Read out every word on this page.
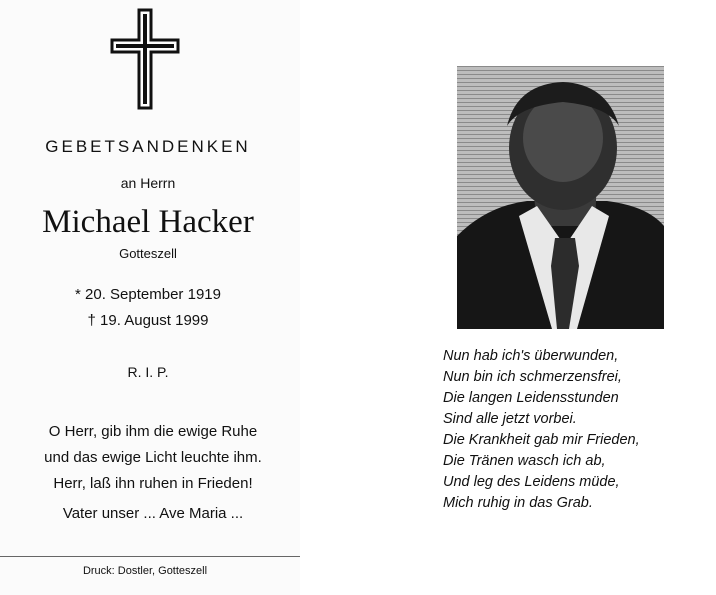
GEBETSANDENKEN
an Herrn
Michael Hacker
Gotteszell
* 20. September 1919
† 19. August 1999
R. I. P.
O Herr, gib ihm die ewige Ruhe
und das ewige Licht leuchte ihm.
Herr, laß ihn ruhen in Frieden!
Vater unser ... Ave Maria ...
Druck: Dostler, Gotteszell
Nun hab ich's überwunden,
Nun bin ich schmerzensfrei,
Die langen Leidensstunden
Sind alle jetzt vorbei.
Die Krankheit gab mir Frieden,
Die Tränen wasch ich ab,
Und leg des Leidens müde,
Mich ruhig in das Grab.
